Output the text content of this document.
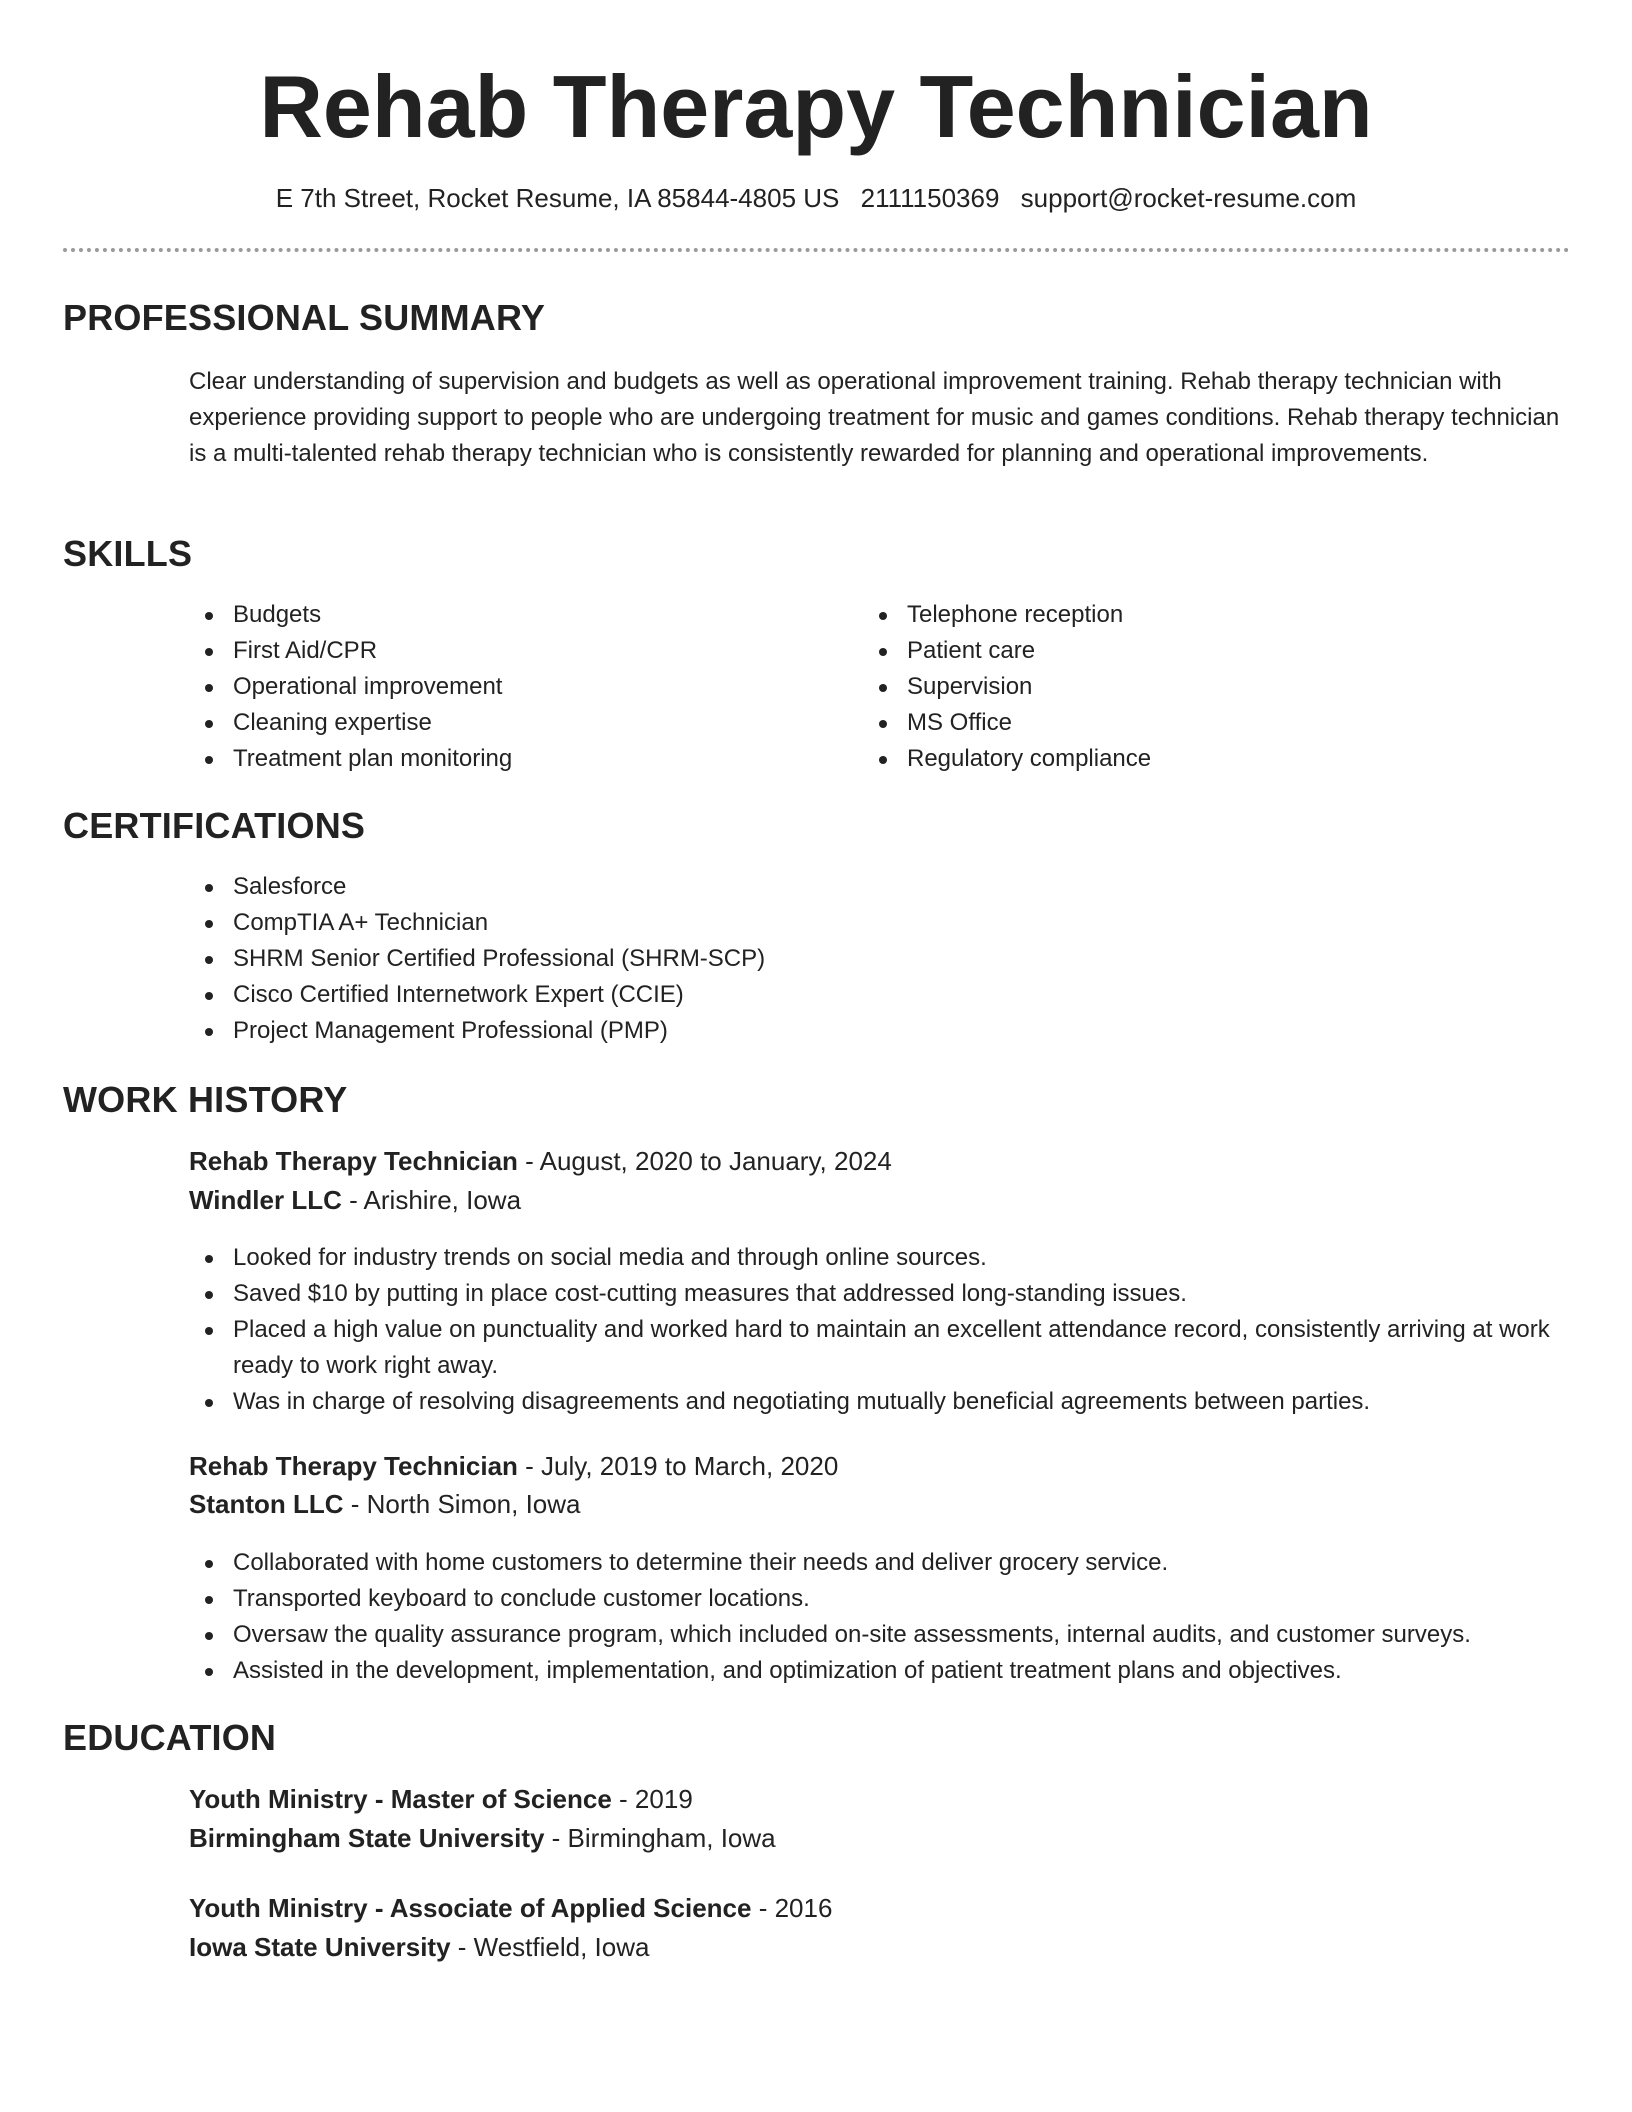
Rehab Therapy Technician
E 7th Street, Rocket Resume, IA 85844-4805 US 2111150369 support@rocket-resume.com
PROFESSIONAL SUMMARY

Clear understanding of supervision and budgets as well as operational improvement training. Rehab therapy technician with experience providing support to people who are undergoing treatment for music and games conditions. Rehab therapy technician is a multi-talented rehab therapy technician who is consistently rewarded for planning and operational improvements.

SKILLS
Budgets
First Aid/CPR
Operational improvement
Cleaning expertise
Treatment plan monitoring
Telephone reception
Patient care
Supervision
MS Office
Regulatory compliance
CERTIFICATIONS
Salesforce
CompTIA A+ Technician
SHRM Senior Certified Professional (SHRM-SCP)
Cisco Certified Internetwork Expert (CCIE)
Project Management Professional (PMP)
WORK HISTORY
Rehab Therapy Technician - August, 2020 to January, 2024
Windler LLC - Arishire, Iowa
Looked for industry trends on social media and through online sources.
Saved $10 by putting in place cost-cutting measures that addressed long-standing issues.
Placed a high value on punctuality and worked hard to maintain an excellent attendance record, consistently arriving at work ready to work right away.
Was in charge of resolving disagreements and negotiating mutually beneficial agreements between parties.
Rehab Therapy Technician - July, 2019 to March, 2020
Stanton LLC - North Simon, Iowa
Collaborated with home customers to determine their needs and deliver grocery service.
Transported keyboard to conclude customer locations.
Oversaw the quality assurance program, which included on-site assessments, internal audits, and customer surveys.
Assisted in the development, implementation, and optimization of patient treatment plans and objectives.
EDUCATION
Youth Ministry - Master of Science - 2019
Birmingham State University - Birmingham, Iowa
Youth Ministry - Associate of Applied Science - 2016
Iowa State University - Westfield, Iowa
